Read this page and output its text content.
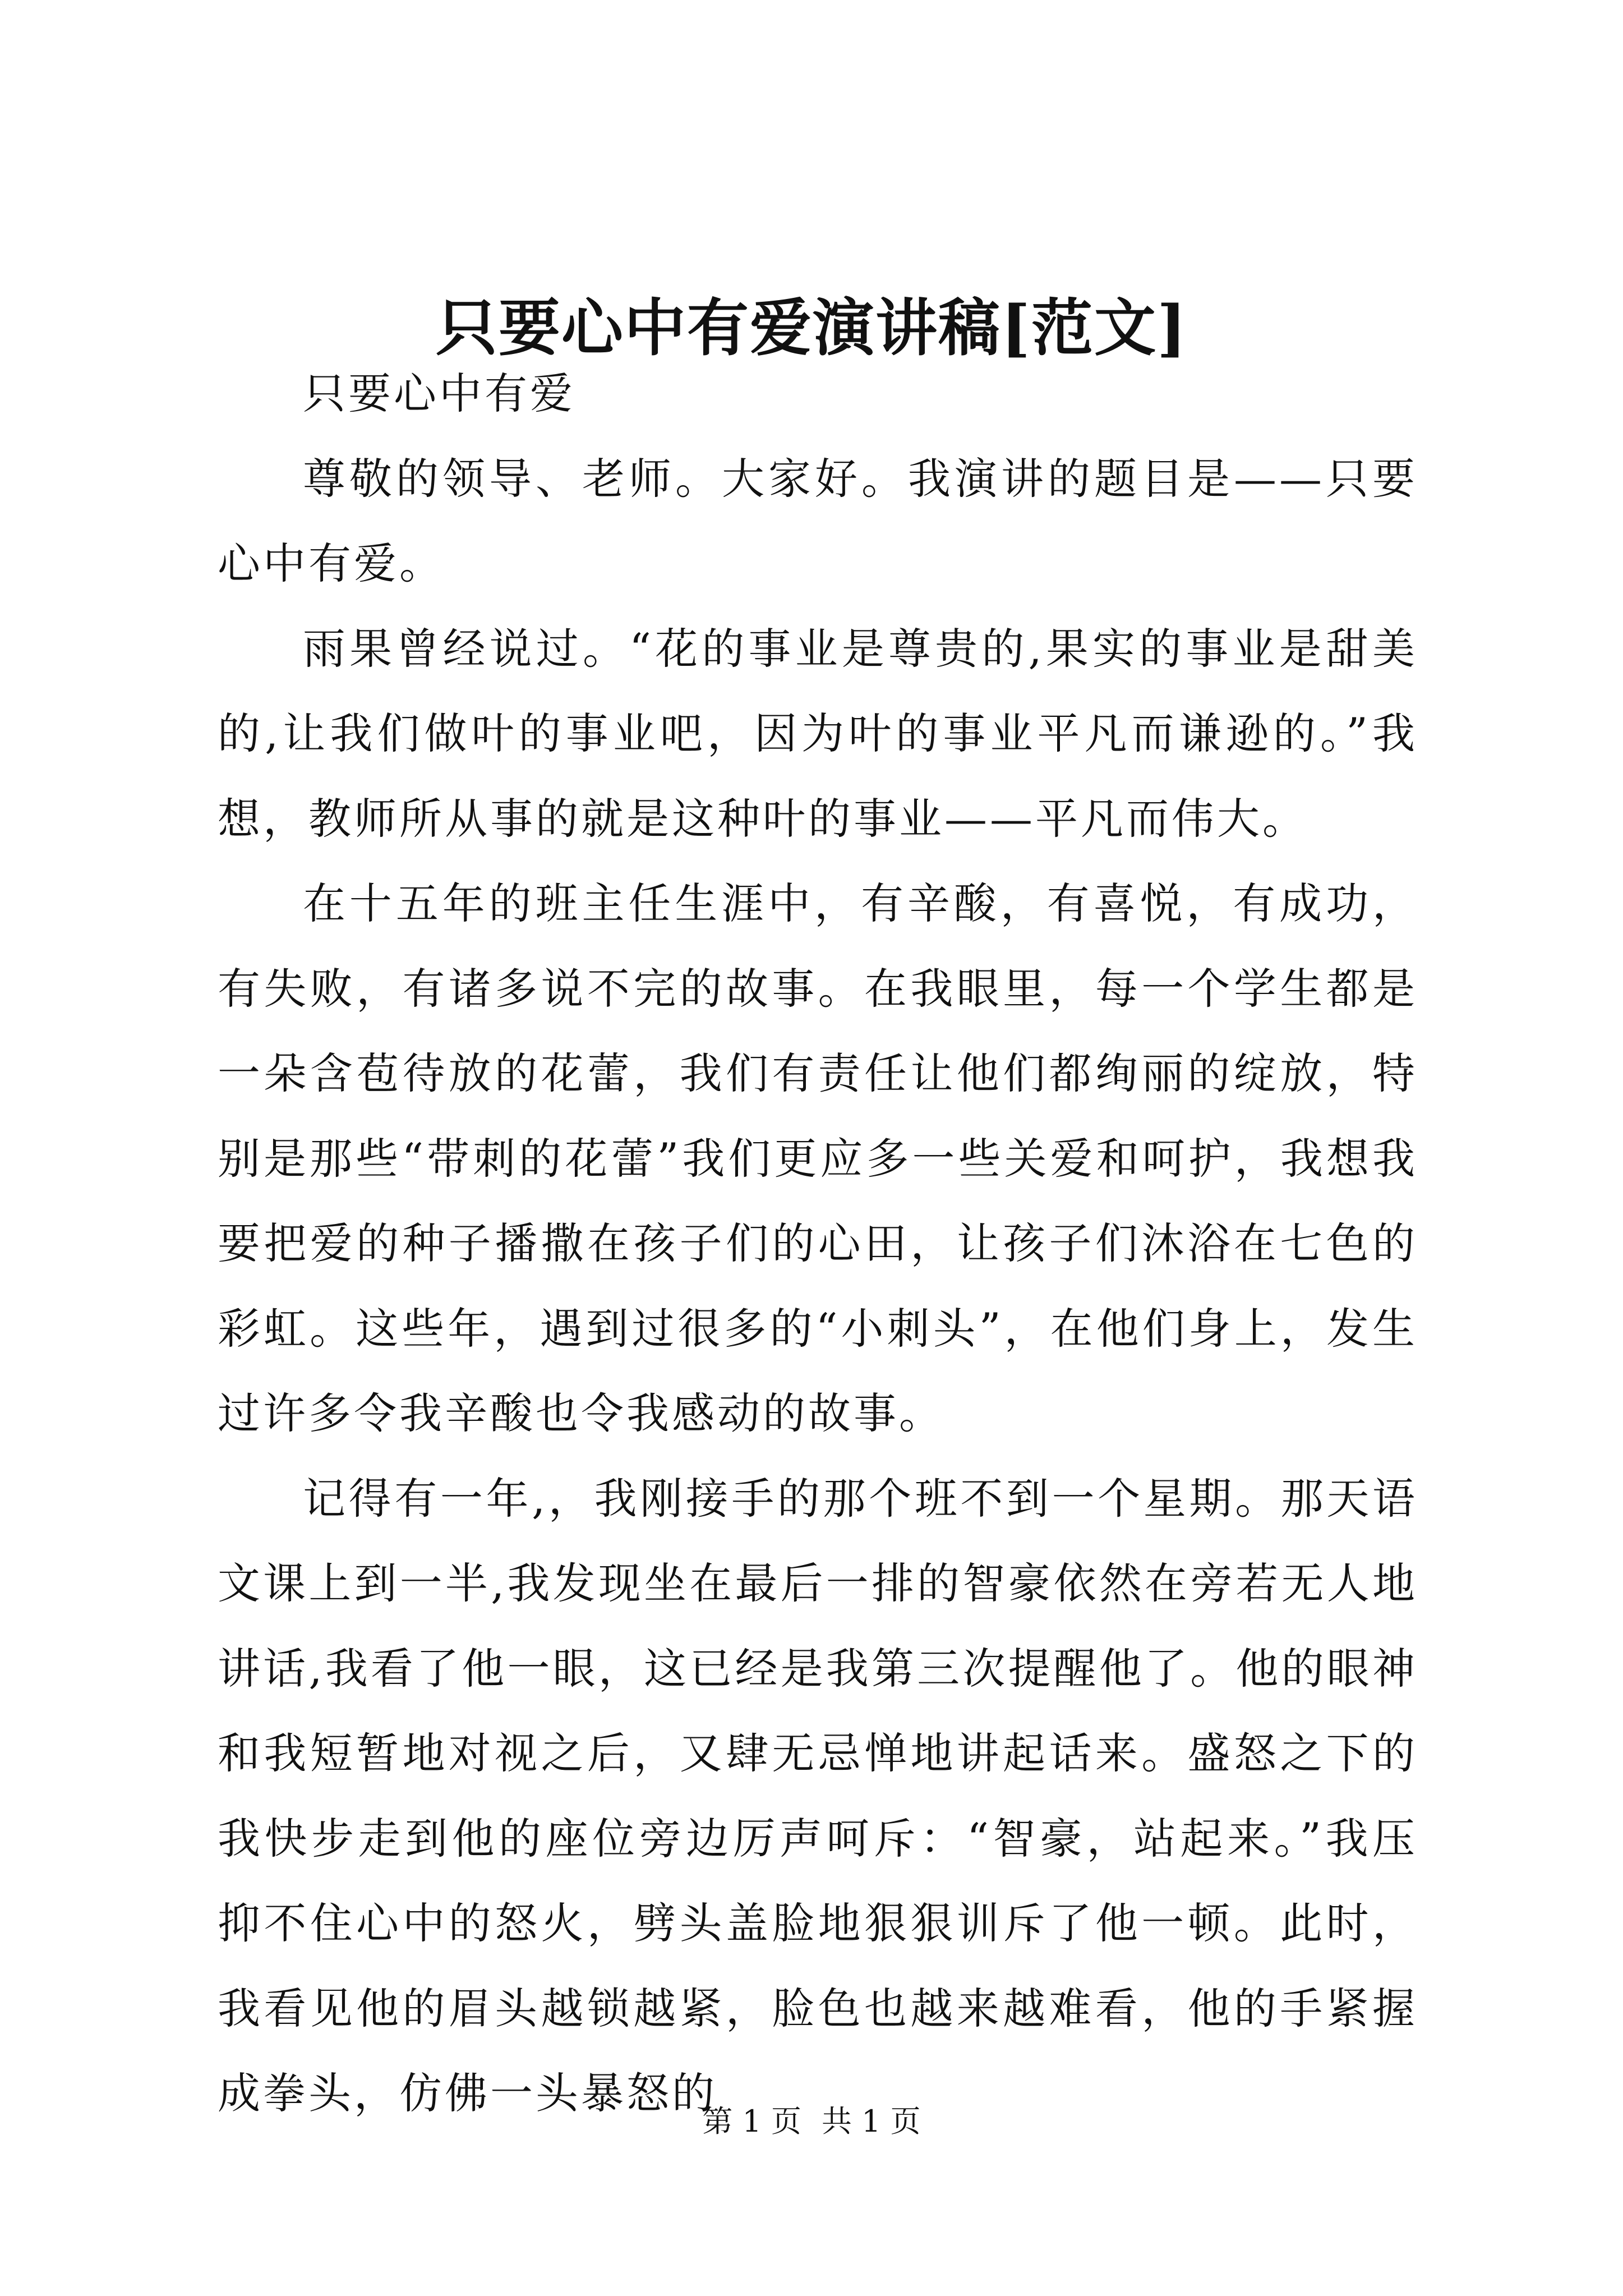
只要心中有爱演讲稿[范文]

只要心中有爱

尊敬的领导、老师。大家好。我演讲的题目是——只要心中有爱。

雨果曾经说过。“花的事业是尊贵的,果实的事业是甜美的,让我们做叶的事业吧，因为叶的事业平凡而谦逊的。”我想，教师所从事的就是这种叶的事业——平凡而伟大。

在十五年的班主任生涯中，有辛酸，有喜悦，有成功，有失败，有诸多说不完的故事。在我眼里，每一个学生都是一朵含苞待放的花蕾，我们有责任让他们都绚丽的绽放，特别是那些“带刺的花蕾”我们更应多一些关爱和呵护，我想我要把爱的种子播撒在孩子们的心田，让孩子们沐浴在七色的彩虹。这些年，遇到过很多的“小刺头”，在他们身上，发生过许多令我辛酸也令我感动的故事。

记得有一年,，我刚接手的那个班不到一个星期。那天语文课上到一半,我发现坐在最后一排的智豪依然在旁若无人地讲话,我看了他一眼，这已经是我第三次提醒他了。他的眼神和我短暂地对视之后，又肆无忌惮地讲起话来。盛怒之下的我快步走到他的座位旁边厉声呵斥：“智豪，站起来。”我压抑不住心中的怒火，劈头盖脸地狠狠训斥了他一顿。此时，我看见他的眉头越锁越紧，脸色也越来越难看，他的手紧握成拳头，仿佛一头暴怒的

第 1 页 共 1 页
